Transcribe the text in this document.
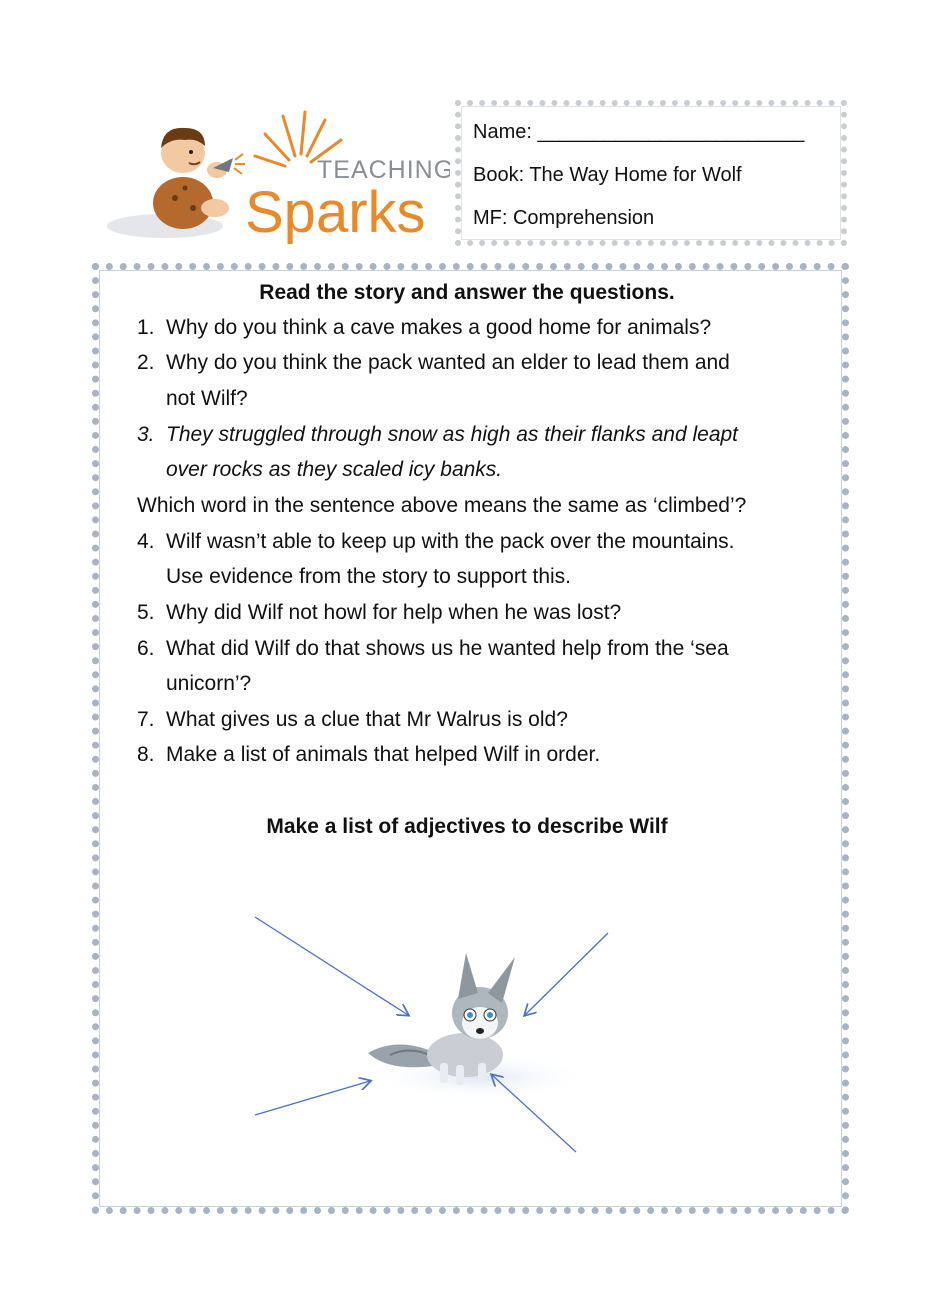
TEACHING
Sparks
Name: ________________________
Book: The Way Home for Wolf
MF: Comprehension
Read the story and answer the questions.
1. Why do you think a cave makes a good home for animals?
2. Why do you think the pack wanted an elder to lead them and
not Wilf?
3. They struggled through snow as high as their flanks and leapt
over rocks as they scaled icy banks.
Which word in the sentence above means the same as ‘climbed’?
4. Wilf wasn’t able to keep up with the pack over the mountains.
Use evidence from the story to support this.
5. Why did Wilf not howl for help when he was lost?
6. What did Wilf do that shows us he wanted help from the ‘sea
unicorn’?
7. What gives us a clue that Mr Walrus is old?
8. Make a list of animals that helped Wilf in order.
Make a list of adjectives to describe Wilf
